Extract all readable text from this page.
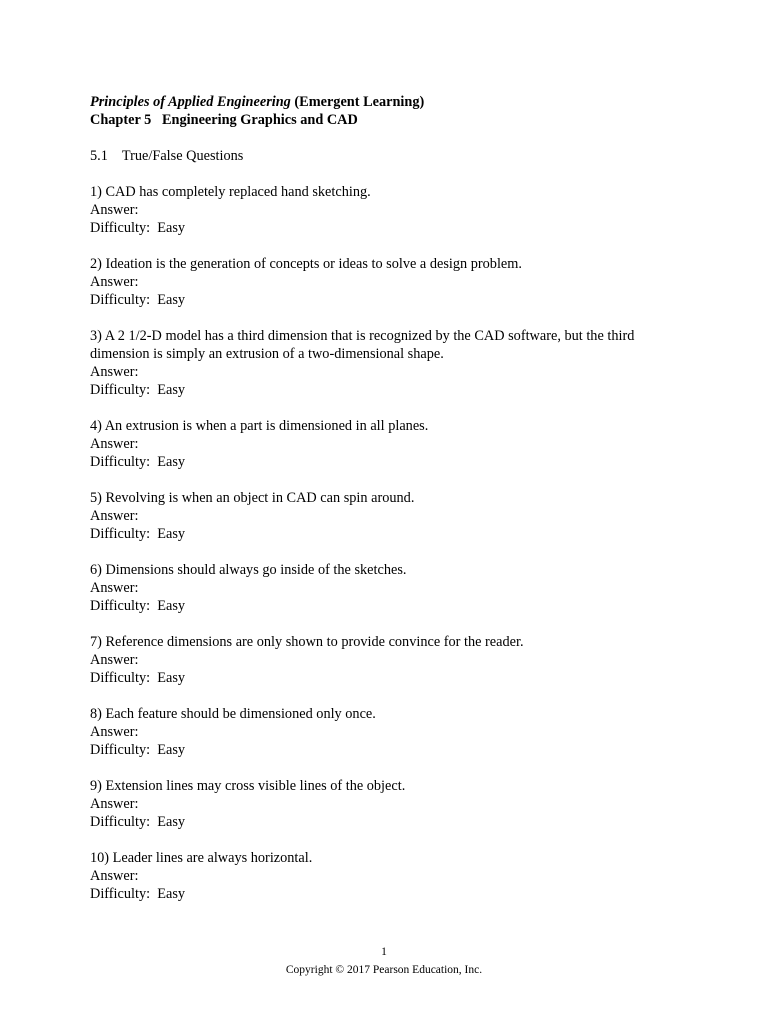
Principles of Applied Engineering (Emergent Learning)
Chapter 5   Engineering Graphics and CAD
5.1    True/False Questions
1) CAD has completely replaced hand sketching.
Answer:
Difficulty:  Easy
2) Ideation is the generation of concepts or ideas to solve a design problem.
Answer:
Difficulty:  Easy
3) A 2 1/2-D model has a third dimension that is recognized by the CAD software, but the third dimension is simply an extrusion of a two-dimensional shape.
Answer:
Difficulty:  Easy
4) An extrusion is when a part is dimensioned in all planes.
Answer:
Difficulty:  Easy
5) Revolving is when an object in CAD can spin around.
Answer:
Difficulty:  Easy
6) Dimensions should always go inside of the sketches.
Answer:
Difficulty:  Easy
7) Reference dimensions are only shown to provide convince for the reader.
Answer:
Difficulty:  Easy
8) Each feature should be dimensioned only once.
Answer:
Difficulty:  Easy
9) Extension lines may cross visible lines of the object.
Answer:
Difficulty:  Easy
10) Leader lines are always horizontal.
Answer:
Difficulty:  Easy
1
Copyright © 2017 Pearson Education, Inc.
